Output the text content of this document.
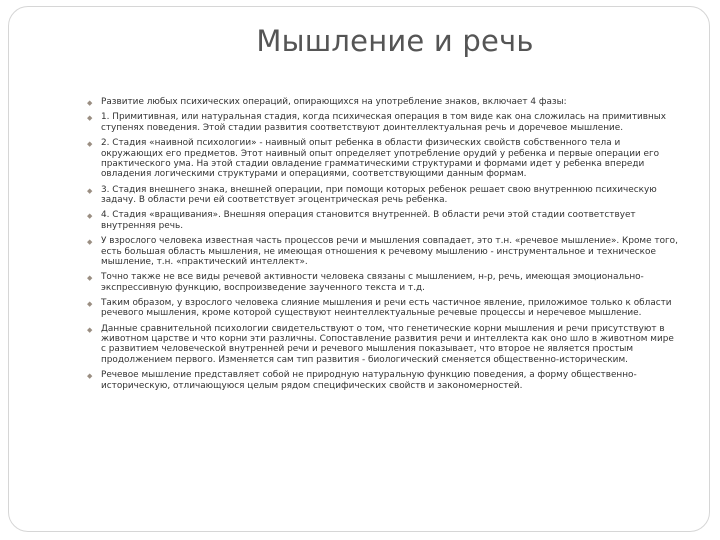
Мышление и речь
◆ Развитие любых психических операций, опирающихся на употребление знаков, включает 4 фазы:
◆ 1. Примитивная, или натуральная стадия, когда психическая операция в том виде как она сложилась на примитивных ступенях поведения. Этой стадии развития соответствуют доинтеллектуальная речь и доречевое мышление.
◆ 2. Стадия «наивной психологии» - наивный опыт ребенка в области физических свойств собственного тела и окружающих его предметов. Этот наивный опыт определяет употребление орудий у ребенка и первые операции его практического ума. На этой стадии овладение грамматическими структурами и формами идет у ребенка впереди овладения логическими структурами и операциями, соответствующими данным формам.
◆ 3. Стадия внешнего знака, внешней операции, при помощи которых ребенок решает свою внутреннюю психическую задачу. В области речи ей соответствует эгоцентрическая речь ребенка.
◆ 4. Стадия «вращивания». Внешняя операция становится внутренней. В области речи этой стадии соответствует внутренняя речь.
◆ У взрослого человека известная часть процессов речи и мышления совпадает, это т.н. «речевое мышление». Кроме того, есть большая область мышления, не имеющая отношения к речевому мышлению - инструментальное и техническое мышление, т.н. «практический интеллект».
◆ Точно также не все виды речевой активности человека связаны с мышлением, н-р, речь, имеющая эмоционально-экспрессивную функцию, воспроизведение заученного текста и т.д.
◆ Таким образом, у взрослого человека слияние мышления и речи есть частичное явление, приложимое только к области речевого мышления, кроме которой существуют неинтеллектуальные речевые процессы и неречевое мышление.
◆ Данные сравнительной психологии свидетельствуют о том, что генетические корни мышления и речи присутствуют в животном царстве и что корни эти различны. Сопоставление развития речи и интеллекта как оно шло в животном мире с развитием человеческой внутренней речи и речевого мышления показывает, что второе не является простым продолжением первого. Изменяется сам тип развития - биологический сменяется общественно-историческим.
◆ Речевое мышление представляет собой не природную натуральную функцию поведения, а форму общественно-историческую, отличающуюся целым рядом специфических свойств и закономерностей.
